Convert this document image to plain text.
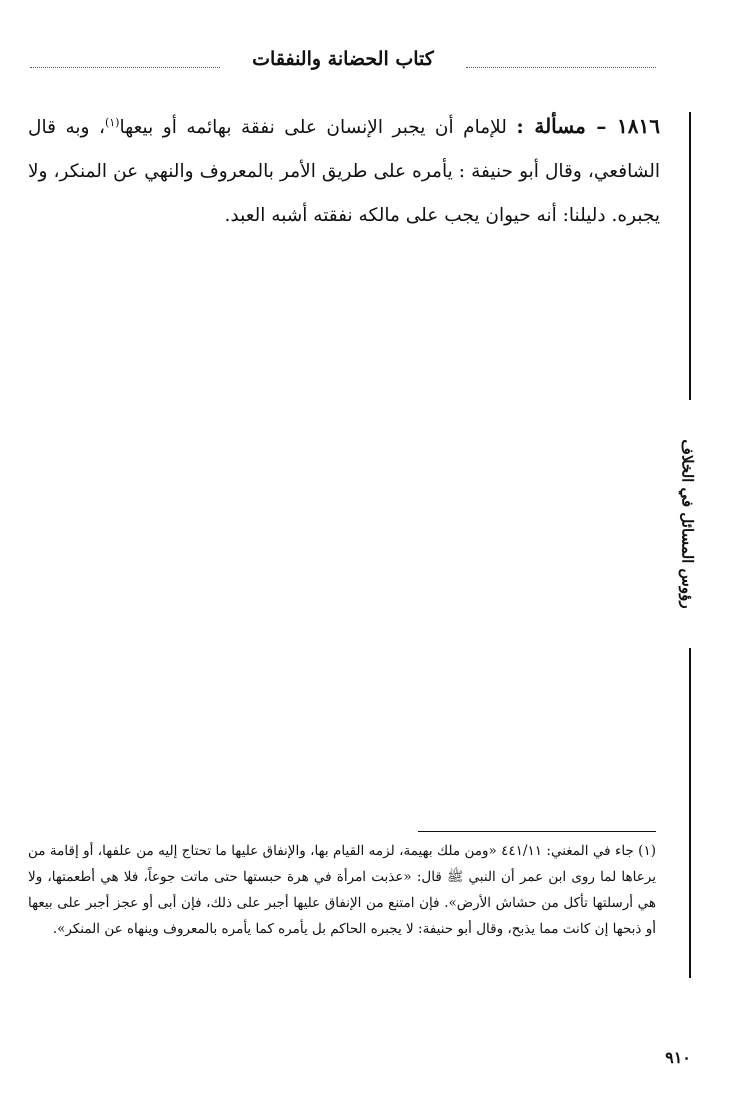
كتاب الحضانة والنفقات
رؤوس المسائل في الخلاف
١٨١٦ – مسألة : للإمام أن يجبر الإنسان على نفقة بهائمه أو بيعها$^{(١)}$، وبه قال الشافعي، وقال أبو حنيفة : يأمره على طريق الأمر بالمعروف والنهي عن المنكر، ولا يجبره. دليلنا: أنه حيوان يجب على مالكه نفقته أشبه العبد.
(١) جاء في المغني: ٤٤١/١١ «ومن ملك بهيمة، لزمه القيام بها، والإنفاق عليها ما تحتاج إليه من علفها، أو إقامة من يرعاها لما روى ابن عمر أن النبي ﷺ قال: «عذبت امرأة في هرة حبستها حتى ماتت جوعاً، فلا هي أطعمتها، ولا هي أرسلتها تأكل من حشاش الأرض». فإن امتنع من الإنفاق عليها أجبر على ذلك، فإن أبى أو عجز أجبر على بيعها أو ذبحها إن كانت مما يذبح، وقال أبو حنيفة: لا يجبره الحاكم بل يأمره كما يأمره بالمعروف وينهاه عن المنكر».
٩١٠
